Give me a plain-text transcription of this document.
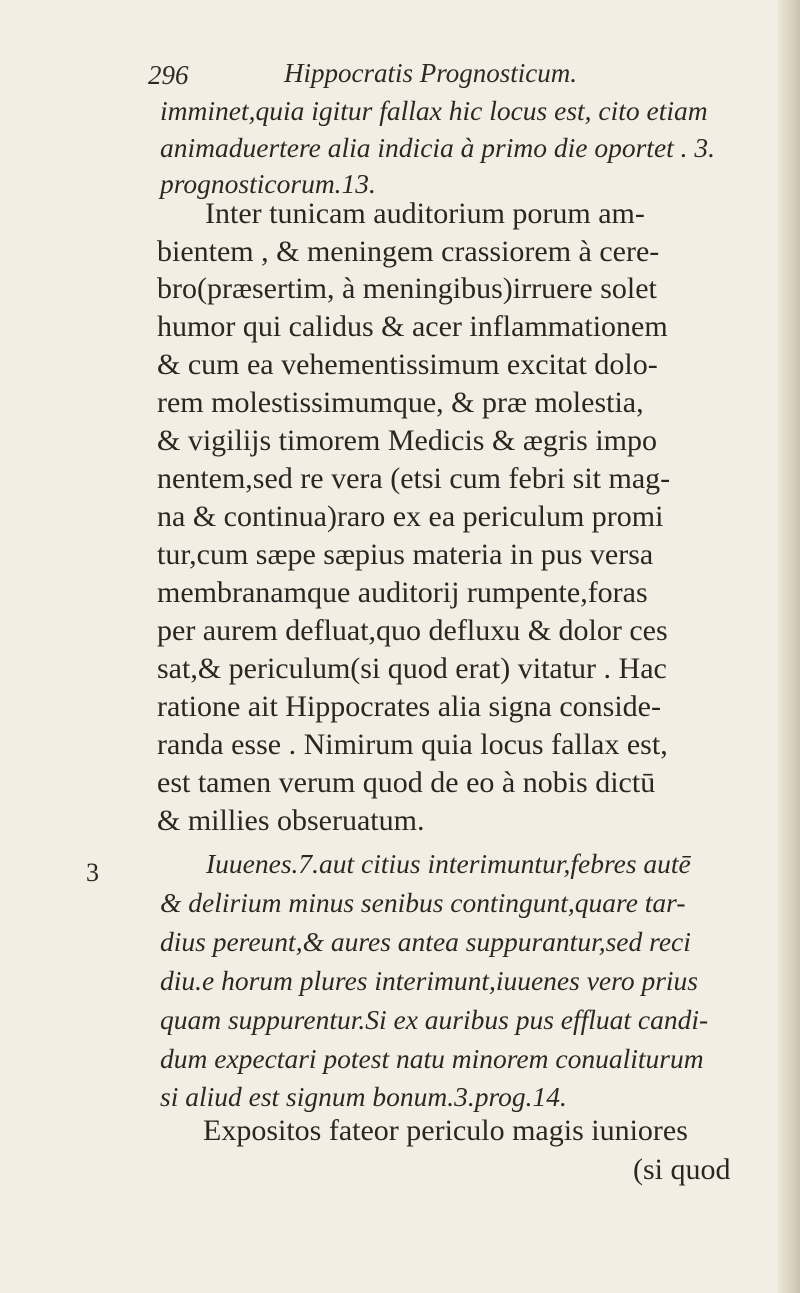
296	Hippocratis Prognosticum.
imminet,quia igitur fallax hic locus est, cito etiam
animaduertere alia indicia à primo die oportet . 3.
prognosticorum.13.
Inter tunicam auditorium porum am-
bientem , & meningem crassiorem à cere-
bro(præsertim, à meningibus)irruere solet
humor qui calidus & acer inflammationem
& cum ea vehementissimum excitat dolo-
rem molestissimumque, & præ molestia,
& vigilijs timorem Medicis & ægris impo
nentem,sed re vera (etsi cum febri sit mag-
na & continua)raro ex ea periculum promi
tur,cum sæpe sæpius materia in pus versa
membranamque auditorij rumpente,foras
per aurem defluat,quo defluxu & dolor ces
sat,& periculum(si quod erat) vitatur . Hac
ratione ait Hippocrates alia signa conside-
randa esse . Nimirum quia locus fallax est,
est tamen verum quod de eo à nobis dictū
& millies obseruatum.
3	Iuuenes.7.aut citius interimuntur,febres autē
& delirium minus senibus contingunt,quare tar-
dius pereunt,& aures antea suppurantur,sed reci
diu.e horum plures interimunt,iuuenes vero prius
quam suppurentur.Si ex auribus pus effluat candi-
dum expectari potest natu minorem conualiturum
si aliud est signum bonum.3.prog.14.
Expositos fateor periculo magis iuniores
(si quod
